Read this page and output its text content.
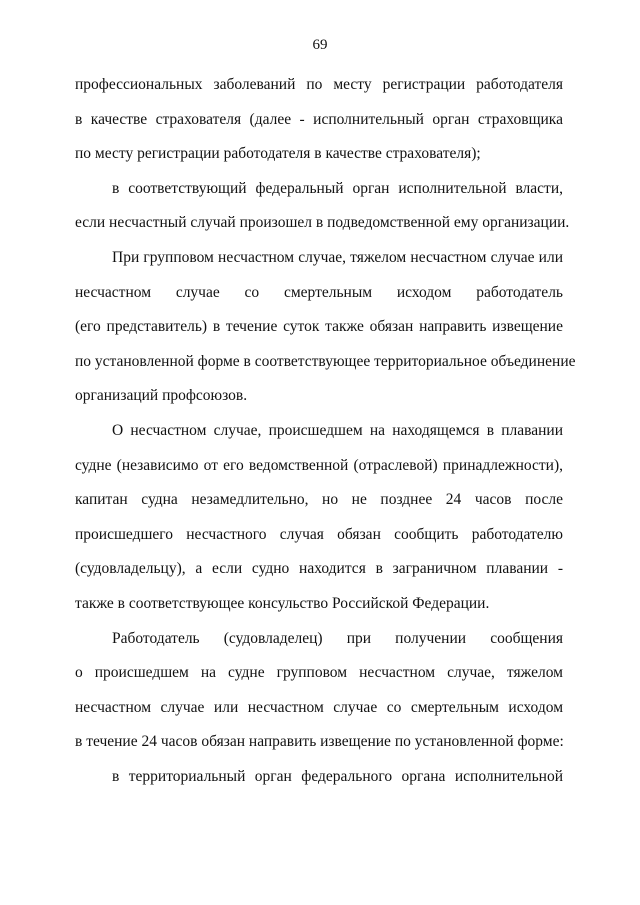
69
профессиональных заболеваний по месту регистрации работодателя
в качестве страхователя (далее - исполнительный орган страховщика
по месту регистрации работодателя в качестве страхователя);
в соответствующий федеральный орган исполнительной власти,
если несчастный случай произошел в подведомственной ему организации.
При групповом несчастном случае, тяжелом несчастном случае или
несчастном случае со смертельным исходом работодатель
(его представитель) в течение суток также обязан направить извещение
по установленной форме в соответствующее территориальное объединение
организаций профсоюзов.
О несчастном случае, происшедшем на находящемся в плавании
судне (независимо от его ведомственной (отраслевой) принадлежности),
капитан судна незамедлительно, но не позднее 24 часов после
происшедшего несчастного случая обязан сообщить работодателю
(судовладельцу), а если судно находится в заграничном плавании -
также в соответствующее консульство Российской Федерации.
Работодатель (судовладелец) при получении сообщения
о происшедшем на судне групповом несчастном случае, тяжелом
несчастном случае или несчастном случае со смертельным исходом
в течение 24 часов обязан направить извещение по установленной форме:
в территориальный орган федерального органа исполнительной
